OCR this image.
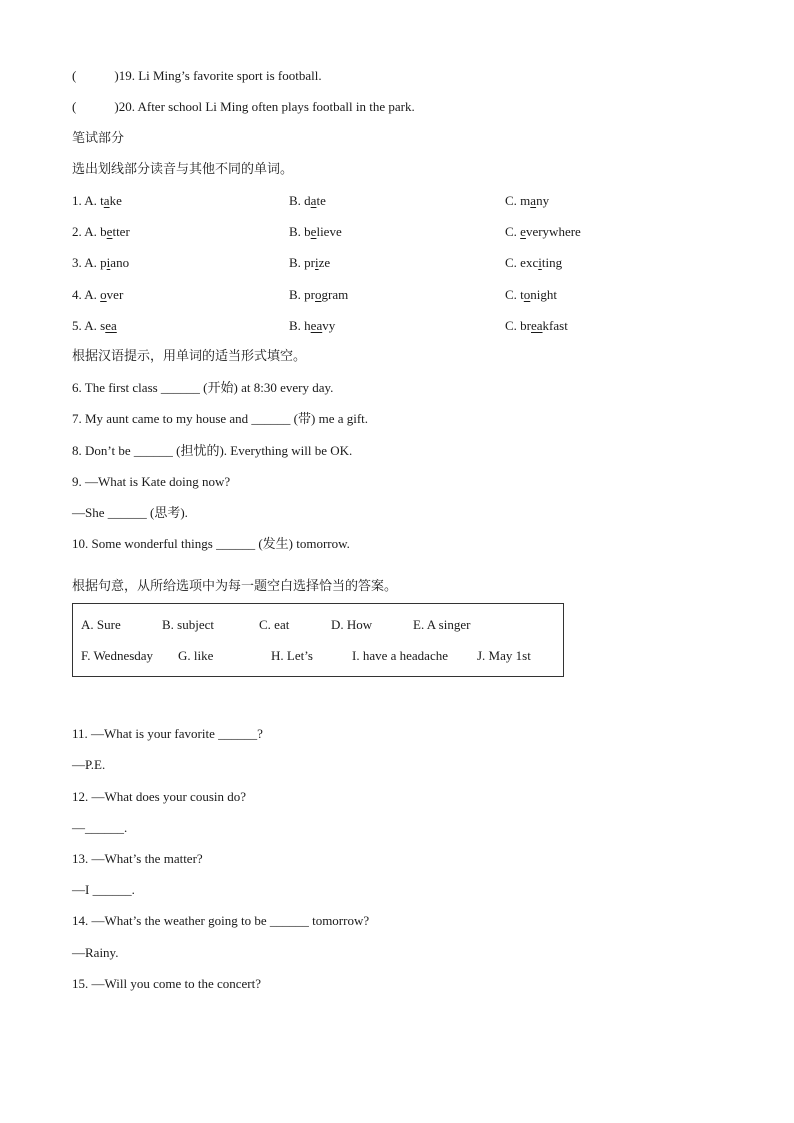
(	)19. Li Ming’s favorite sport is football.
(	)20. After school Li Ming often plays football in the park.
笔试部分
选出划线部分读音与其他不同的单词。
1. A. take	B. date	C. many
2. A. better	B. believe	C. everywhere
3. A. piano	B. prize	C. exciting
4. A. over	B. program	C. tonight
5. A. sea	B. heavy	C. breakfast
根据汉语提示，用单词的适当形式填空。
6. The first class ______ (开始) at 8:30 every day.
7. My aunt came to my house and ______ (带) me a gift.
8. Don’t be ______ (担忧的). Everything will be OK.
9. —What is Kate doing now?
—She ______ (思考).
10. Some wonderful things ______ (发生) tomorrow.
根据句意，从所给选项中为每一题空白选择恰当的答案。
A. Sure	B. subject	C. eat	D. How	E. A singer
F. Wednesday G. like	H. Let’s	I. have a headache J. May 1st
11. —What is your favorite ______?
—P.E.
12. —What does your cousin do?
—______.
13. —What’s the matter?
—I ______.
14. —What’s the weather going to be ______ tomorrow?
—Rainy.
15. —Will you come to the concert?
